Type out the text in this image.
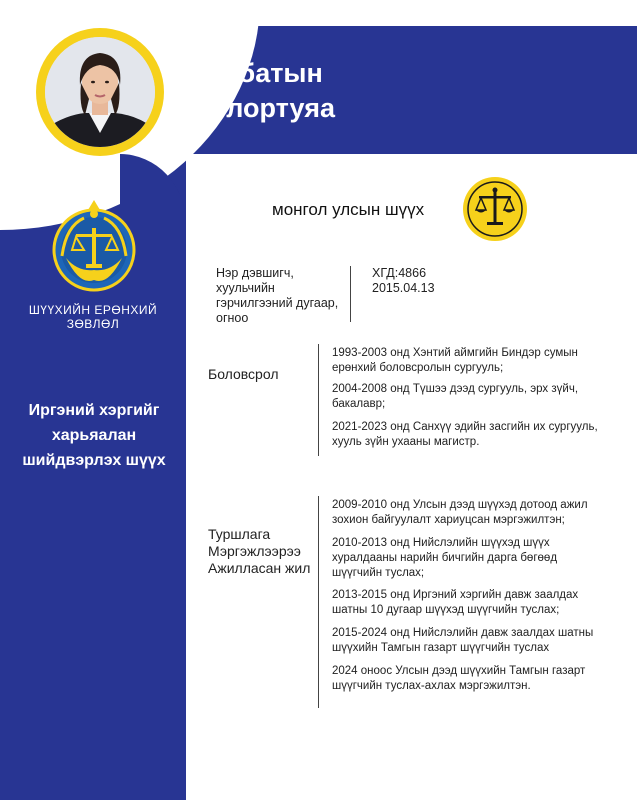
Лутбатын
Болортуяа
ШҮҮХИЙН ЕРӨНХИЙ
ЗӨВЛӨЛ
Иргэний хэргийг
харьяалан
шийдвэрлэх шүүх
монгол улсын шүүх
Нэр дэвшигч,
хуульчийн
гэрчилгээний дугаар,
огноо
ХГД:4866
2015.04.13
Боловсрол
1993-2003 онд Хэнтий аймгийн Биндэр сумын ерөнхий боловсролын сургууль;
2004-2008 онд Түшээ дээд сургууль, эрх зүйч, бакалавр;
2021-2023 онд Санхүү эдийн засгийн их сургууль, хууль зүйн ухааны магистр.
Туршлага
Мэргэжлээрээ
Ажилласан жил
2009-2010 онд Улсын дээд шүүхэд дотоод ажил зохион байгуулалт хариуцсан мэргэжилтэн;
2010-2013 онд Нийслэлийн шүүхэд шүүх хуралдааны нарийн бичгийн дарга бөгөөд шүүгчийн туслах;
2013-2015 онд Иргэний хэргийн давж заалдах шатны 10 дугаар шүүхэд шүүгчийн туслах;
2015-2024 онд Нийслэлийн давж заалдах шатны шүүхийн Тамгын газарт шүүгчийн туслах
2024 оноос Улсын дээд шүүхийн Тамгын газарт шүүгчийн туслах-ахлах мэргэжилтэн.
